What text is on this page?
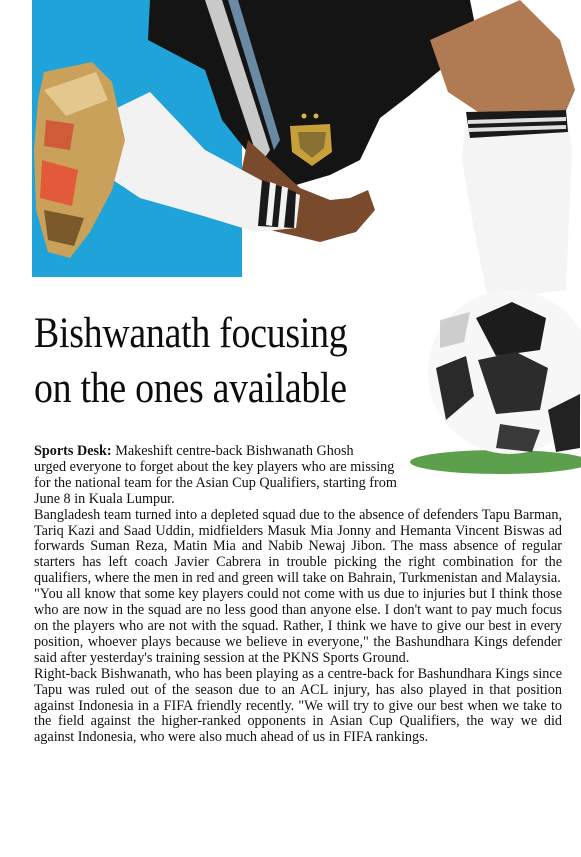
Bishwanath focusing
on the ones available
Sports Desk: Makeshift centre-back Bishwanath Ghosh
urged everyone to forget about the key players who are missing
for the national team for the Asian Cup Qualifiers, starting from
June 8 in Kuala Lumpur.

Bangladesh team turned into a depleted squad due to the absence of defenders Tapu Barman, Tariq Kazi and Saad Uddin, midfielders Masuk Mia Jonny and Hemanta Vincent Biswas ad forwards Suman Reza, Matin Mia and Nabib Newaj Jibon. The mass absence of regular starters has left coach Javier Cabrera in trouble picking the right combination for the qualifiers, where the men in red and green will take on Bahrain, Turkmenistan and Malaysia.

"You all know that some key players could not come with us due to injuries but I think those who are now in the squad are no less good than anyone else. I don't want to pay much focus on the players who are not with the squad. Rather, I think we have to give our best in every position, whoever plays because we believe in everyone," the Bashundhara Kings defender said after yesterday's training session at the PKNS Sports Ground.

Right-back Bishwanath, who has been playing as a centre-back for Bashundhara Kings since Tapu was ruled out of the season due to an ACL injury, has also played in that position against Indonesia in a FIFA friendly recently. "We will try to give our best when we take to the field against the higher-ranked opponents in Asian Cup Qualifiers, the way we did against Indonesia, who were also much ahead of us in FIFA rankings.
